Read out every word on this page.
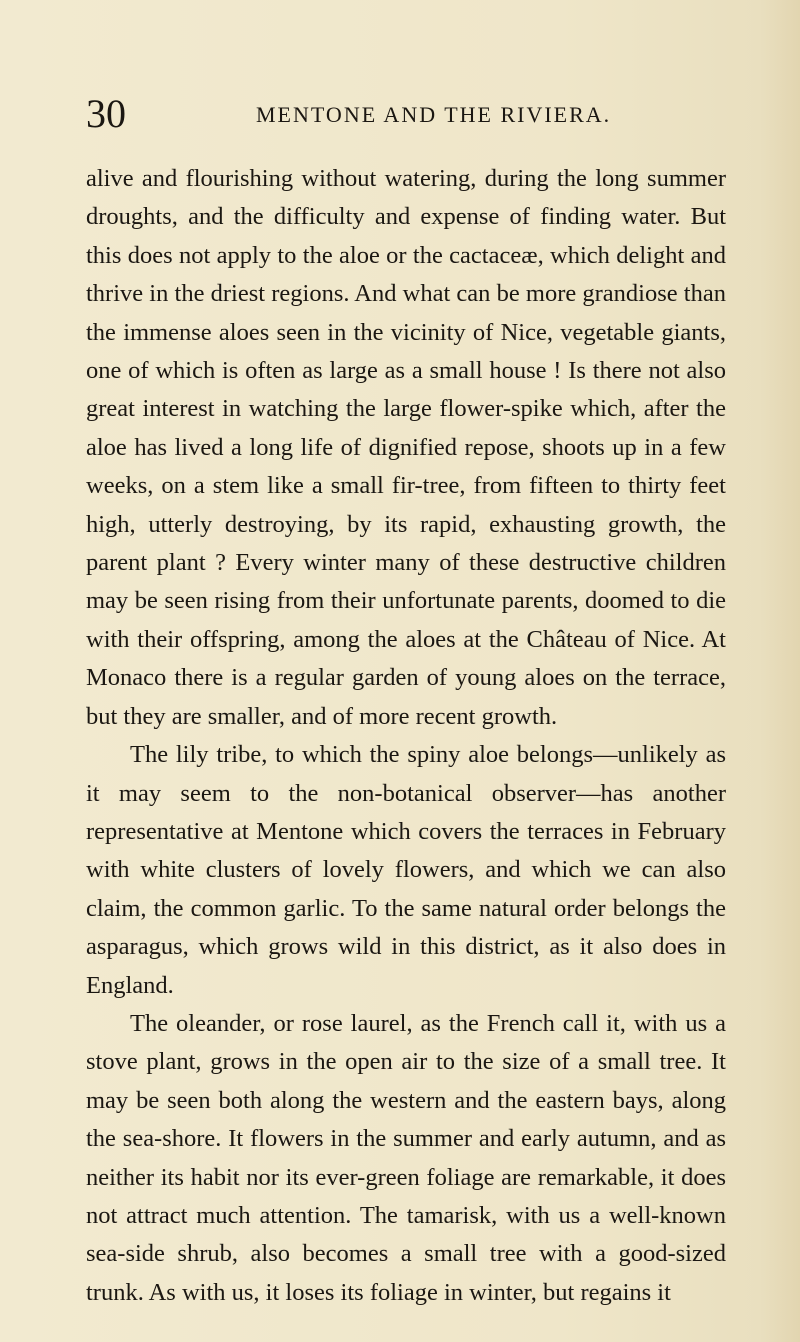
30	MENTONE AND THE RIVIERA.

alive and flourishing without watering, during the long summer droughts, and the difficulty and expense of finding water. But this does not apply to the aloe or the cactaceæ, which delight and thrive in the driest regions. And what can be more grandiose than the immense aloes seen in the vicinity of Nice, vegetable giants, one of which is often as large as a small house ! Is there not also great interest in watching the large flower-spike which, after the aloe has lived a long life of dignified repose, shoots up in a few weeks, on a stem like a small fir-tree, from fifteen to thirty feet high, utterly destroying, by its rapid, exhausting growth, the parent plant ? Every winter many of these destructive children may be seen rising from their unfortunate parents, doomed to die with their offspring, among the aloes at the Château of Nice. At Monaco there is a regular garden of young aloes on the terrace, but they are smaller, and of more recent growth.

The lily tribe, to which the spiny aloe belongs—unlikely as it may seem to the non-botanical observer—has another representative at Mentone which covers the terraces in February with white clusters of lovely flowers, and which we can also claim, the common garlic. To the same natural order belongs the asparagus, which grows wild in this district, as it also does in England.

The oleander, or rose laurel, as the French call it, with us a stove plant, grows in the open air to the size of a small tree. It may be seen both along the western and the eastern bays, along the sea-shore. It flowers in the summer and early autumn, and as neither its habit nor its ever-green foliage are remarkable, it does not attract much attention. The tamarisk, with us a well-known sea-side shrub, also becomes a small tree with a good-sized trunk. As with us, it loses its foliage in winter, but regains it
